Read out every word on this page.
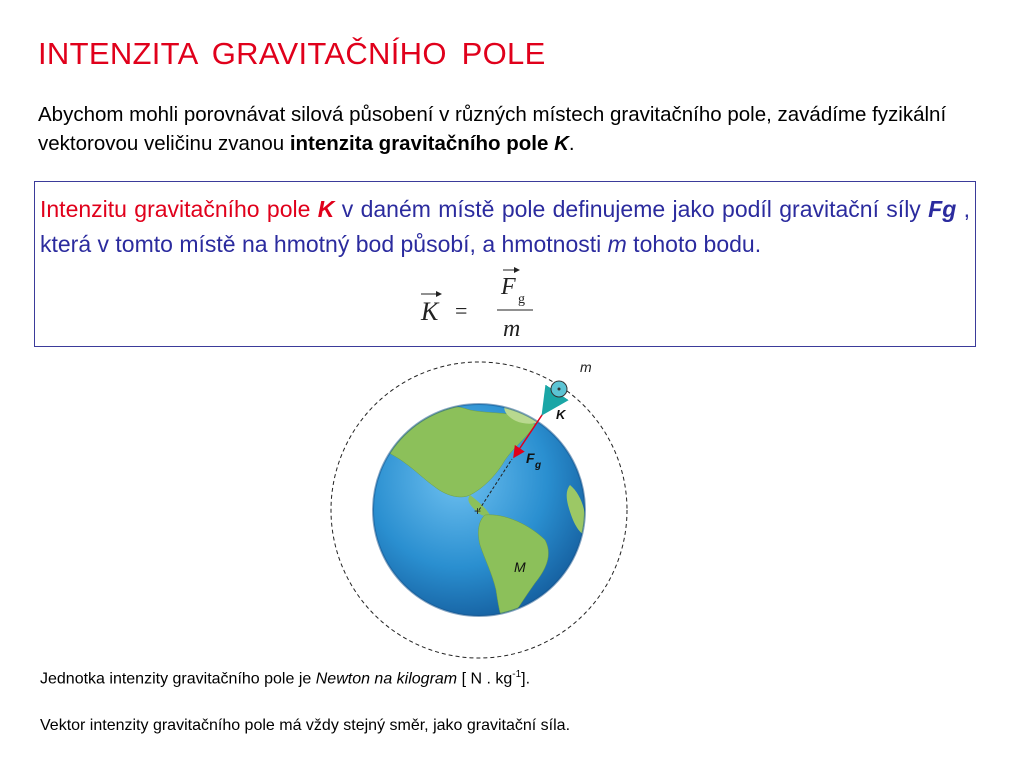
INTENZITA GRAVITAČNÍHO POLE
Abychom mohli porovnávat silová působení v různých místech gravitačního pole, zavádíme fyzikální vektorovou veličinu zvanou intenzita gravitačního pole K.
Intenzitu gravitačního pole K v daném místě pole definujeme jako podíl gravitační síly Fg , která v tomto místě na hmotný bod působí, a hmotnosti m tohoto bodu.
K =
F g
m
+
m
K
F g
M
Jednotka intenzity gravitačního pole je Newton na kilogram [ N . $kg^{-1}$].
Vektor intenzity gravitačního pole má vždy stejný směr, jako gravitační síla.
